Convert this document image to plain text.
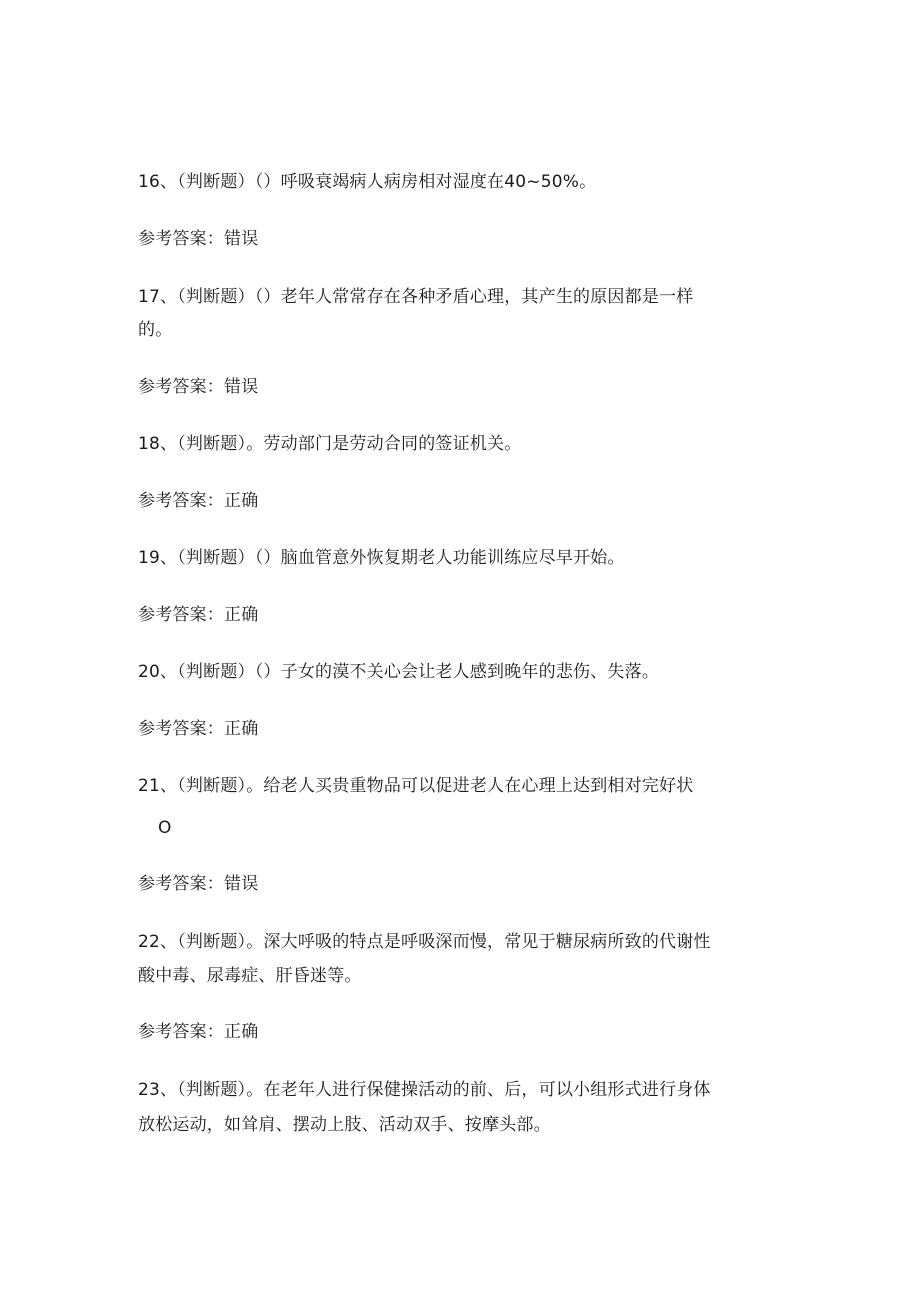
16、（判断题）（）呼吸衰竭病人病房相对湿度在40~50%。
参考答案：错误
17、（判断题）（）老年人常常存在各种矛盾心理，其产生的原因都是一样
的。
参考答案：错误
18、（判断题）。劳动部门是劳动合同的签证机关。
参考答案：正确
19、（判断题）（）脑血管意外恢复期老人功能训练应尽早开始。
参考答案：正确
20、（判断题）（）子女的漠不关心会让老人感到晚年的悲伤、失落。
参考答案：正确
21、（判断题）。给老人买贵重物品可以促进老人在心理上达到相对完好状
O
参考答案：错误
22、（判断题）。深大呼吸的特点是呼吸深而慢，常见于糖尿病所致的代谢性
酸中毒、尿毒症、肝昏迷等。
参考答案：正确
23、（判断题）。在老年人进行保健操活动的前、后，可以小组形式进行身体
放松运动，如耸肩、摆动上肢、活动双手、按摩头部。
